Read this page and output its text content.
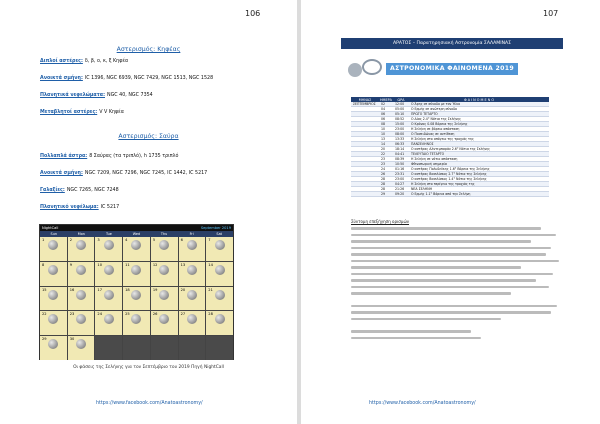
106
Αστερισμός: Κηφέας
Διπλοί αστέρες: δ, β, ο, κ, ξ Κηφέα
Ανοικτά σμήνη: IC 1396, NGC 6939, NGC 7429, NGC 1513, NGC 1528
Πλανητικά νεφελώματα: NGC 40, NGC 7354
Μεταβλητοί αστέρες: V V Κηφέα
Αστερισμός: Σαύρα
Πολλαπλά άστρα: 8 Σαύρας (τα τριπλό), h 1735 τριπλό
Ανοικτά σμήνη: NGC 7209, NGC 7296, NGC 7245, IC 1442, IC 5217
Γαλαξίες: NGC 7265, NGC 7248
Πλανητικό νεφέλωμα: IC 5217
NightCall	September 2019
Sun	Mon	Tue	Wed	Thu	Fri	Sat
1	2	3	4	5	6	7
8	9	10	11	12	13	14
15	16	17	18	19	20	21
22	23	24	25	26	27	28
29	30
Οι φάσεις της Σελήνης για τον Σεπτέμβριο του 2019 Πηγή NightCall
https://www.facebook.com/Anatoastronomy/
107
ΑΡΑΤΟΣ – Παρατηρησιακή Αστρονομία ΣΑΛΑΜΙΝΑΣ
ΑΣΤΡΟΝΟΜΙΚΑ ΦΑΙΝΟΜΕΝΑ 2019
ΜΗΝΑΣ	ΗΜΕΡΑ	ΩΡΑ	Φ Α Ι Ν Ο Μ Ε Ν Ο
ΣΕΠΤΕΜΒΡΙΟΣ	02	12:00	Ο Άρης σε σύνοδο με τον Ήλιο
	04	05:00	Ο Ερμής σε ανώτερη σύνοδο
	06	05:10	ΠΡΩΤΟ ΤΕΤΑΡΤΟ
	06	08:52	Ο Δίας 2.4° Νότια της Σελήνης
	08	15:00	Ο Κρόνος 0.08 Βόρεια της Σελήνης
	10	23:00	Η Σελήνη σε βόρειο απόσταση
	10	08:00	Ο Ποσειδώνας σε αντίθεση
	13	13:33	Η Σελήνη στο απόγειο της τροχιάς της
	14	06:33	ΠΑΝΣΕΛΗΝΟΣ
	20	18:14	Ο αστέρας Αλντεμπαράν 2.6° Νότια της Σελήνης
	22	04:41	ΤΕΛΕΥΤΑΙΟ ΤΕΤΑΡΤΟ
	23	08:39	Η Σελήνη σε νότιο απόσταση
	23	10:50	Φθινοπωρινή ισημερία
	24	01:16	Ο αστέρας Πολυδεύκης 1.6° Βόρεια της Σελήνης
	26	23:31	Ο αστέρας Βασιλίσκος 2.7° Νότια της Σελήνης
	28	23:00	Ο αστέρας Βασιλίσκος 1.4° Νότια της Σελήνης
	28	04:27	Η Σελήνη στο περίγειο της τροχιάς της
	28	21:26	ΝΕΑ ΣΕΛΗΝΗ
	29	09:20	Ο Ερμής 1.1° Βόρεια από την Σελήνη
Σύντομη επεξήγηση ορισμών
https://www.facebook.com/Anatoastronomy/
